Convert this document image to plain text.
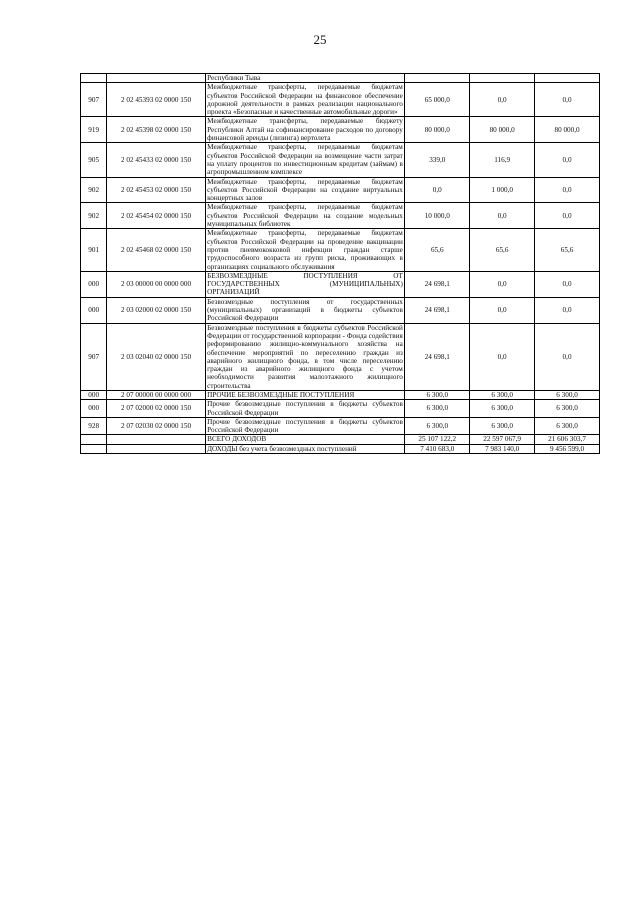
25
		Республики Тыва			
907	2 02 45393 02 0000 150	Межбюджетные трансферты, передаваемые бюджетам субъектов Российской Федерации на финансовое обеспечение дорожной деятельности в рамках реализации национального проекта «Безопасные и качественные автомобильные дороги»	65 000,0	0,0	0,0
919	2 02 45398 02 0000 150	Межбюджетные трансферты, передаваемые бюджету Республики Алтай на софинансирование расходов по договору финансовой аренды (лизинга) вертолета	80 000,0	80 000,0	80 000,0
905	2 02 45433 02 0000 150	Межбюджетные трансферты, передаваемые бюджетам субъектов Российской Федерации на возмещение части затрат на уплату процентов по инвестиционным кредитам (займам) в агропромышленном комплексе	339,0	116,9	0,0
902	2 02 45453 02 0000 150	Межбюджетные трансферты, передаваемые бюджетам субъектов Российской Федерации на создание виртуальных концертных залов	0,0	1 000,0	0,0
902	2 02 45454 02 0000 150	Межбюджетные трансферты, передаваемые бюджетам субъектов Российской Федерации на создание модельных муниципальных библиотек	10 000,0	0,0	0,0
901	2 02 45468 02 0000 150	Межбюджетные трансферты, передаваемые бюджетам субъектов Российской Федерации на проведение вакцинации против пневмококковой инфекции граждан старше трудоспособного возраста из групп риска, проживающих в организациях социального обслуживания	65,6	65,6	65,6
000	2 03 00000 00 0000 000	БЕЗВОЗМЕЗДНЫЕ ПОСТУПЛЕНИЯ ОТ ГОСУДАРСТВЕННЫХ (МУНИЦИПАЛЬНЫХ) ОРГАНИЗАЦИЙ	24 698,1	0,0	0,0
000	2 03 02000 02 0000 150	Безвозмездные поступления от государственных (муниципальных) организаций в бюджеты субъектов Российской Федерации	24 698,1	0,0	0,0
907	2 03 02040 02 0000 150	Безвозмездные поступления в бюджеты субъектов Российской Федерации от государственной корпорации - Фонда содействия реформированию жилищно-коммунального хозяйства на обеспечение мероприятий по переселению граждан из аварийного жилищного фонда, в том числе переселению граждан из аварийного жилищного фонда с учетом необходимости развития малоэтажного жилищного строительства	24 698,1	0,0	0,0
000	2 07 00000 00 0000 000	ПРОЧИЕ БЕЗВОЗМЕЗДНЫЕ ПОСТУПЛЕНИЯ	6 300,0	6 300,0	6 300,0
000	2 07 02000 02 0000 150	Прочие безвозмездные поступления в бюджеты субъектов Российской Федерации	6 300,0	6 300,0	6 300,0
928	2 07 02030 02 0000 150	Прочие безвозмездные поступления в бюджеты субъектов Российской Федерации	6 300,0	6 300,0	6 300,0
		ВСЕГО ДОХОДОВ	25 107 122,2	22 597 067,9	21 606 303,7
		ДОХОДЫ без учета безвозмездных поступлений	7 410 683,0	7 983 140,0	9 456 599,0
